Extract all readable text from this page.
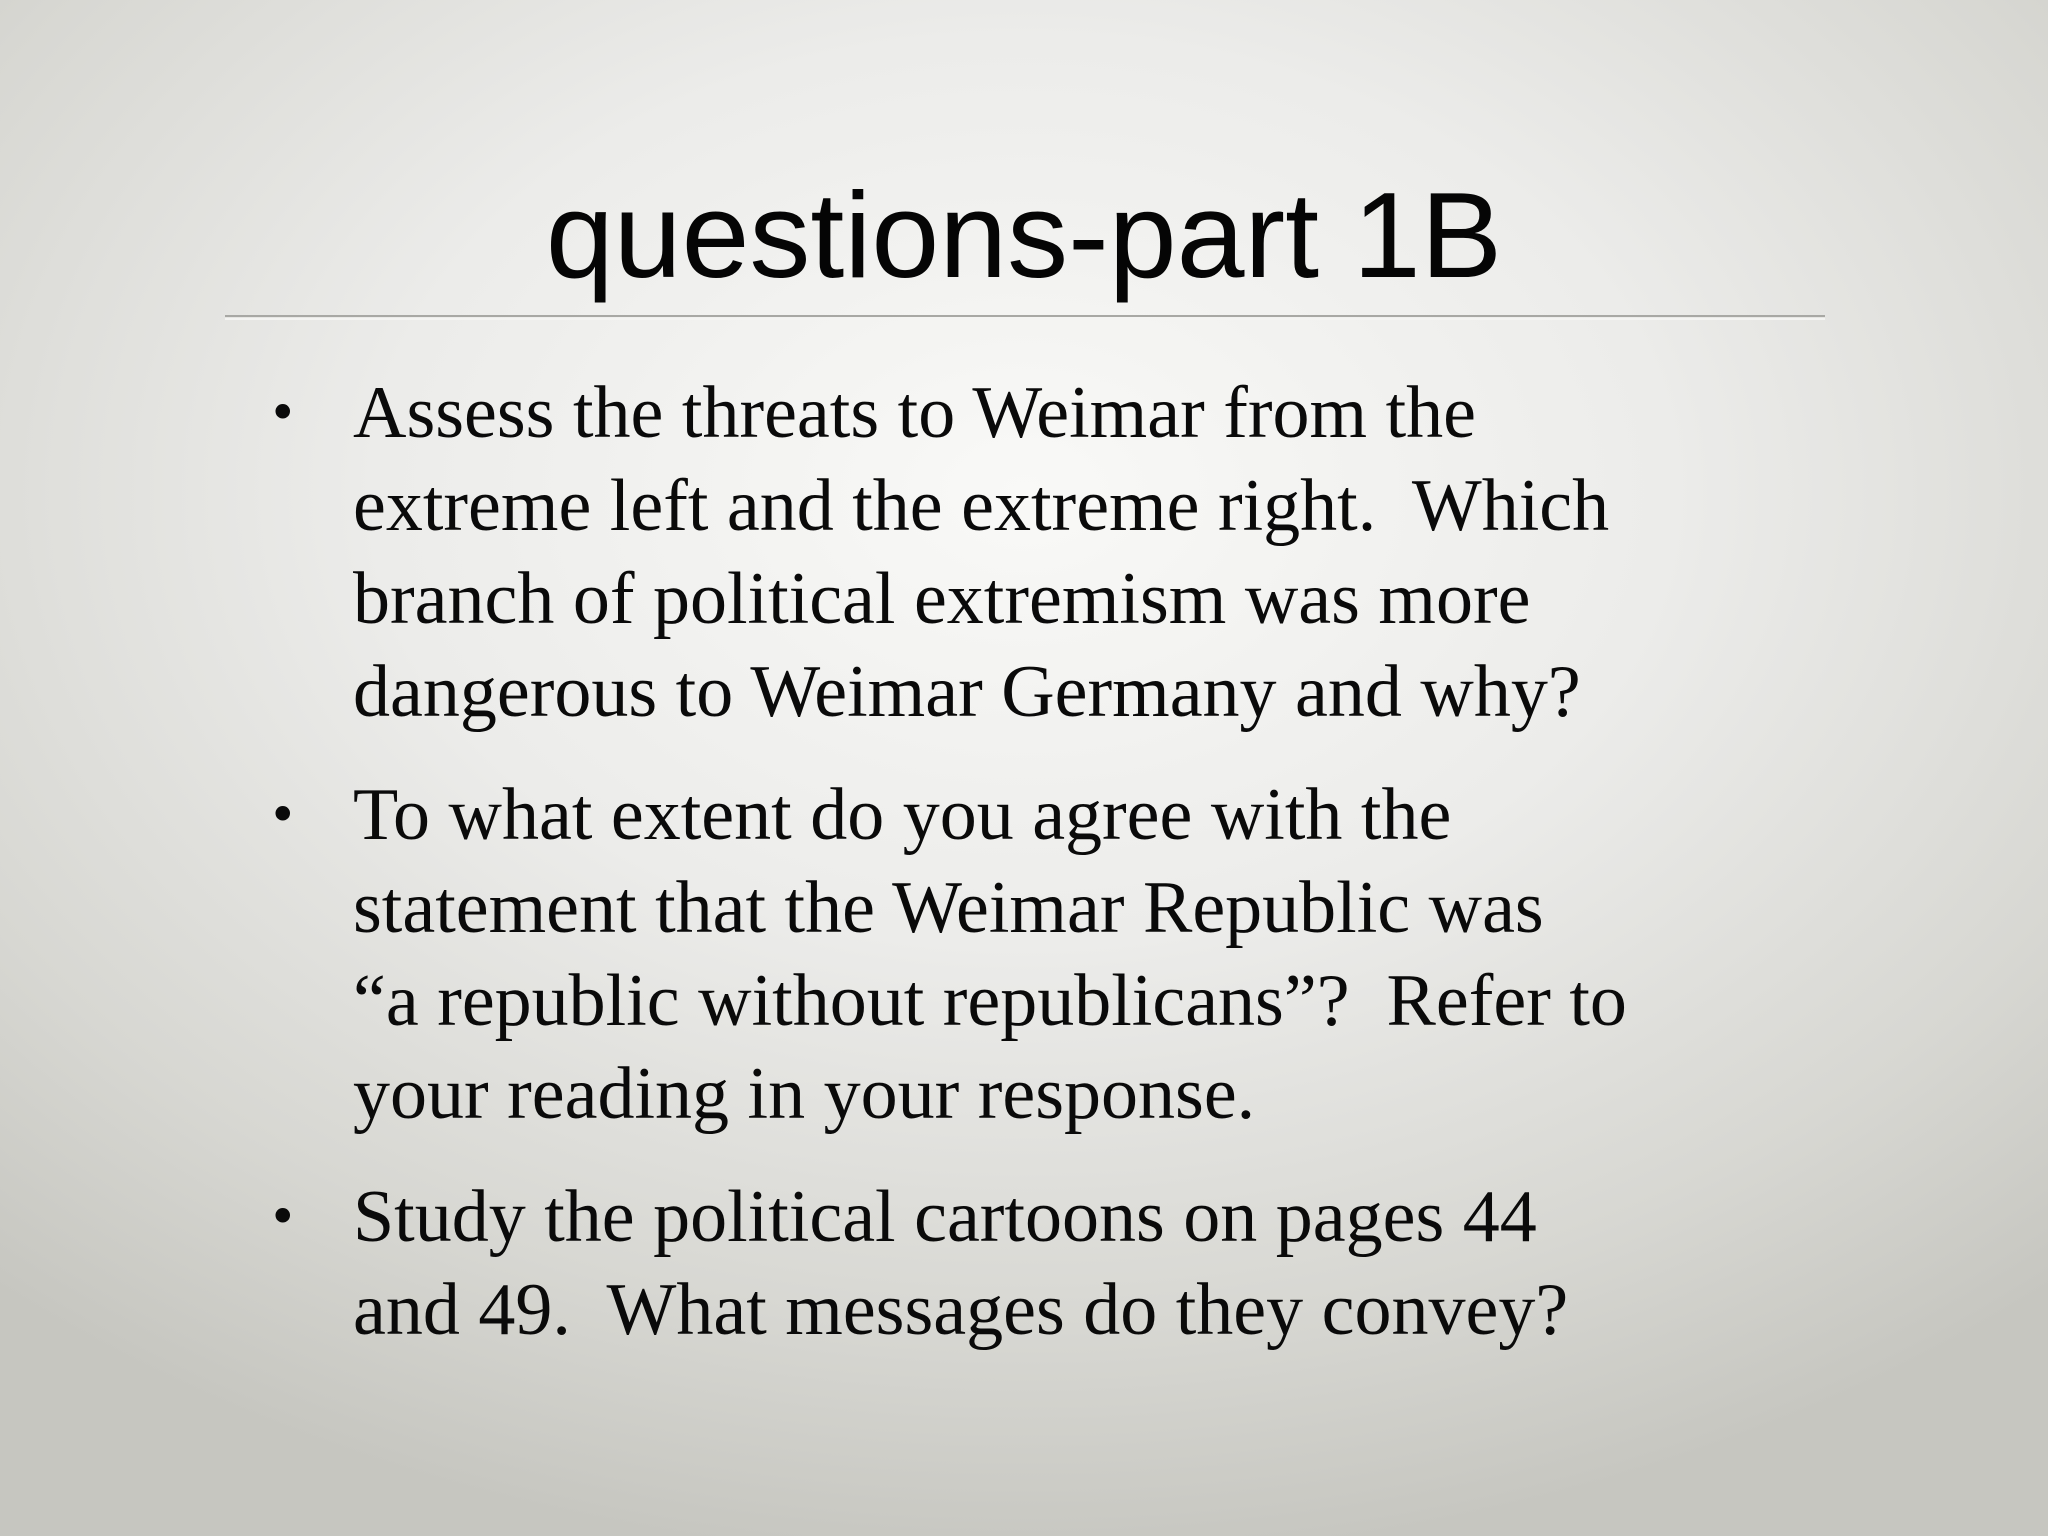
questions-part 1B
• Assess the threats to Weimar from the
extreme left and the extreme right.  Which
branch of political extremism was more
dangerous to Weimar Germany and why?
• To what extent do you agree with the
statement that the Weimar Republic was
“a republic without republicans”?  Refer to
your reading in your response.
• Study the political cartoons on pages 44
and 49.  What messages do they convey?
